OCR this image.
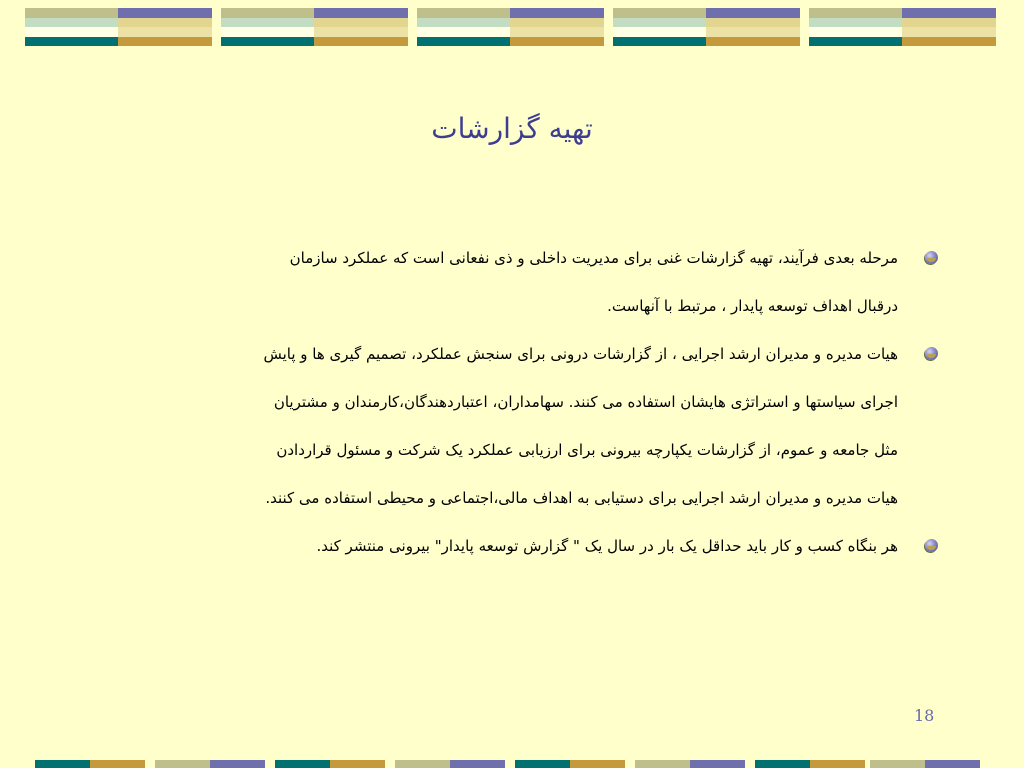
تهیه گزارشات
مرحله بعدی فرآیند، تهیه گزارشات غنی برای مدیریت داخلی و ذی نفعانی است که عملکرد سازمان
درقبال اهداف توسعه پایدار ، مرتبط با آنهاست.
هیات مدیره و مدیران ارشد اجرایی ، از گزارشات درونی برای سنجش عملکرد، تصمیم گیری ها و پایش
اجرای سیاستها و استراتژی هایشان استفاده می کنند. سهامداران، اعتباردهندگان،کارمندان و مشتریان
مثل جامعه و عموم، از گزارشات یکپارچه بیرونی برای ارزیابی عملکرد یک شرکت و مسئول قراردادن
هیات مدیره و مدیران ارشد اجرایی برای دستیابی به اهداف مالی،اجتماعی و محیطی استفاده می کنند.
هر بنگاه کسب و کار باید حداقل یک بار در سال یک " گزارش توسعه پایدار" بیرونی منتشر کند.
18
